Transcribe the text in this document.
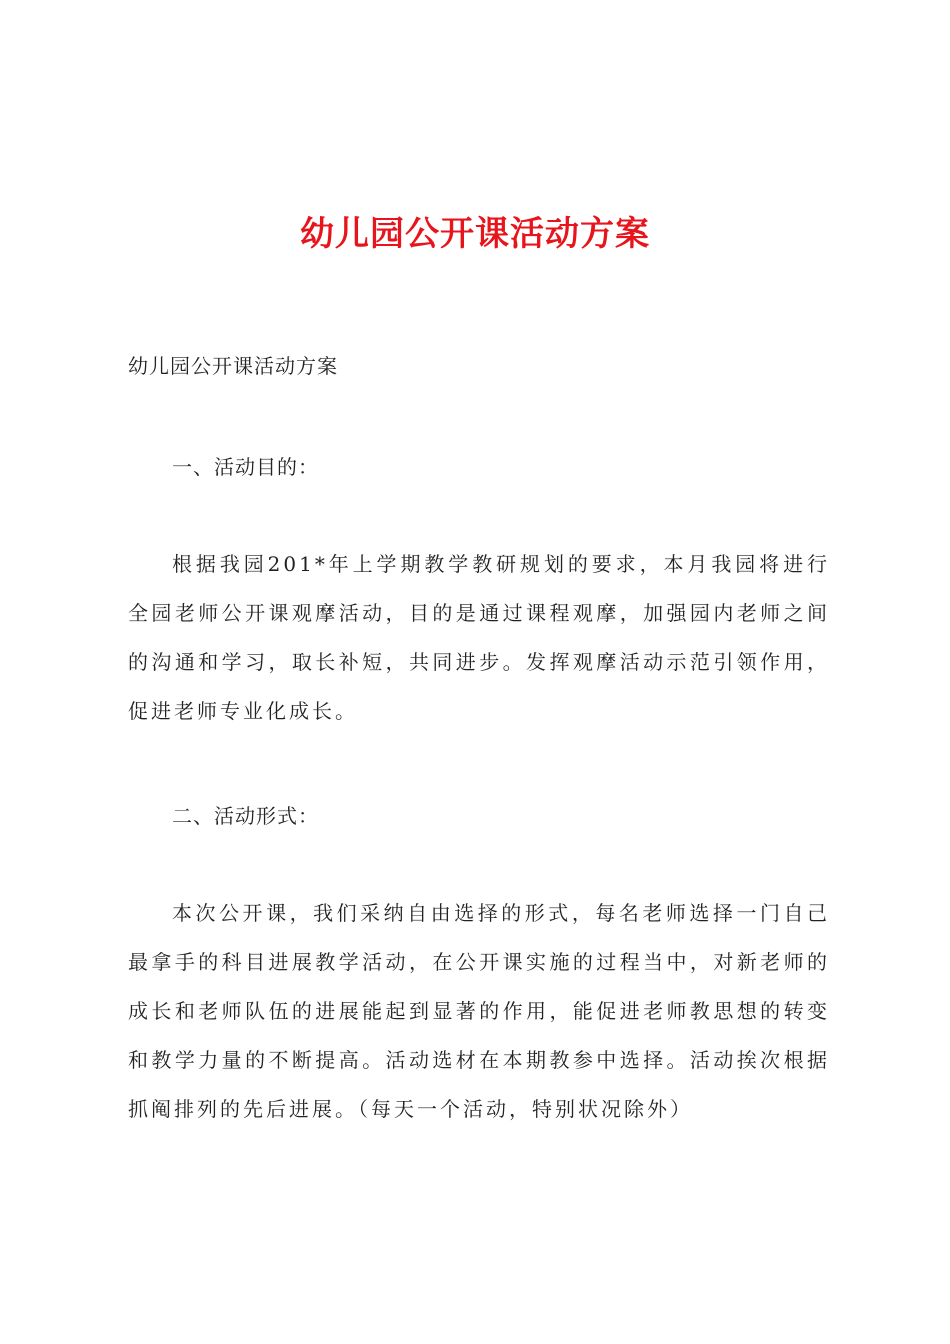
幼儿园公开课活动方案

幼儿园公开课活动方案

一、活动目的：

根据我园201*年上学期教学教研规划的要求，本月我园将进行全园老师公开课观摩活动，目的是通过课程观摩，加强园内老师之间的沟通和学习，取长补短，共同进步。发挥观摩活动示范引领作用，促进老师专业化成长。

二、活动形式：

本次公开课，我们采纳自由选择的形式，每名老师选择一门自己最拿手的科目进展教学活动，在公开课实施的过程当中，对新老师的成长和老师队伍的进展能起到显著的作用，能促进老师教思想的转变和教学力量的不断提高。活动选材在本期教参中选择。活动挨次根据抓阄排列的先后进展。（每天一个活动，特别状况除外）
